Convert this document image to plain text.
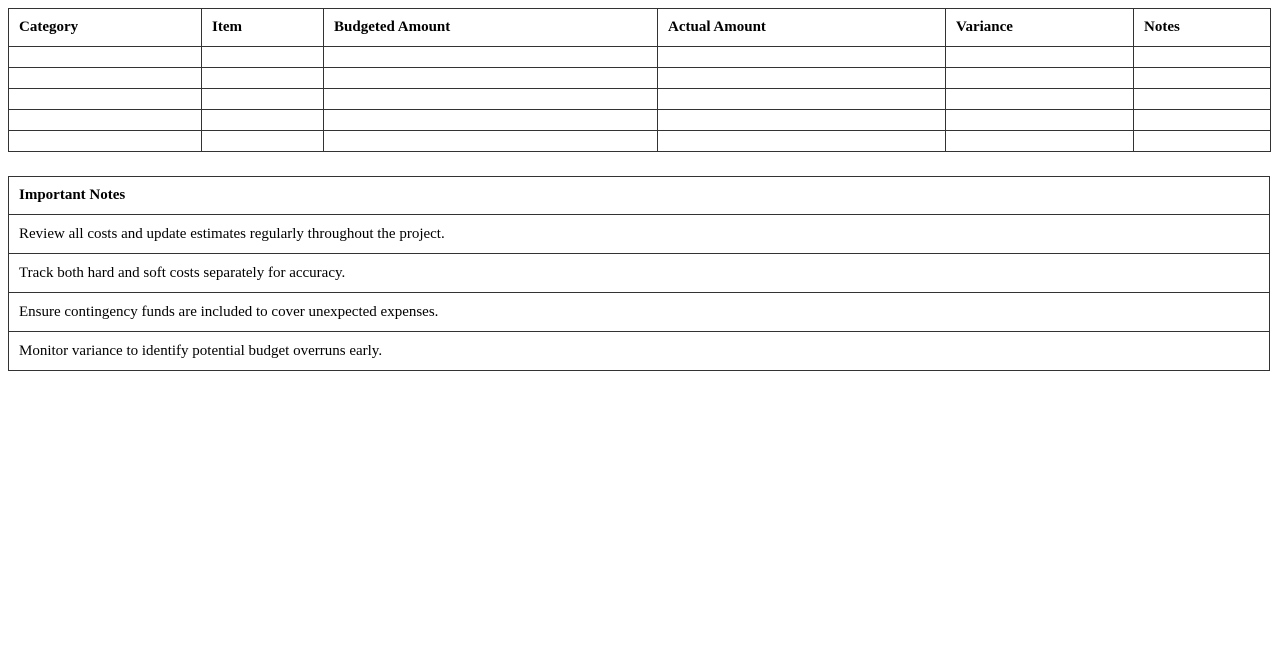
Category	Item	Budgeted Amount	Actual Amount	Variance	Notes

Important Notes
Review all costs and update estimates regularly throughout the project.
Track both hard and soft costs separately for accuracy.
Ensure contingency funds are included to cover unexpected expenses.
Monitor variance to identify potential budget overruns early.
